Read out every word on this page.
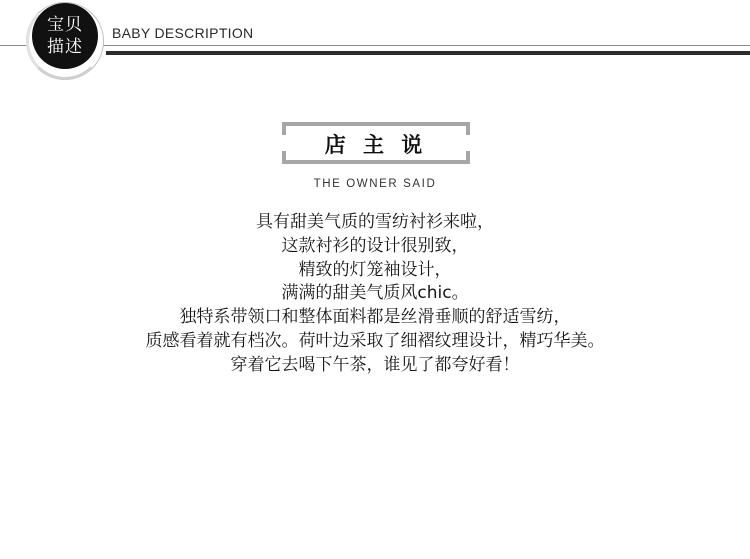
宝贝
描述
BABY DESCRIPTION
店 主 说
THE OWNER SAID
具有甜美气质的雪纺衬衫来啦，
这款衬衫的设计很别致，
精致的灯笼袖设计，
满满的甜美气质风chic。
独特系带领口和整体面料都是丝滑垂顺的舒适雪纺，
质感看着就有档次。荷叶边采取了细褶纹理设计，精巧华美。
穿着它去喝下午茶，谁见了都夸好看！
